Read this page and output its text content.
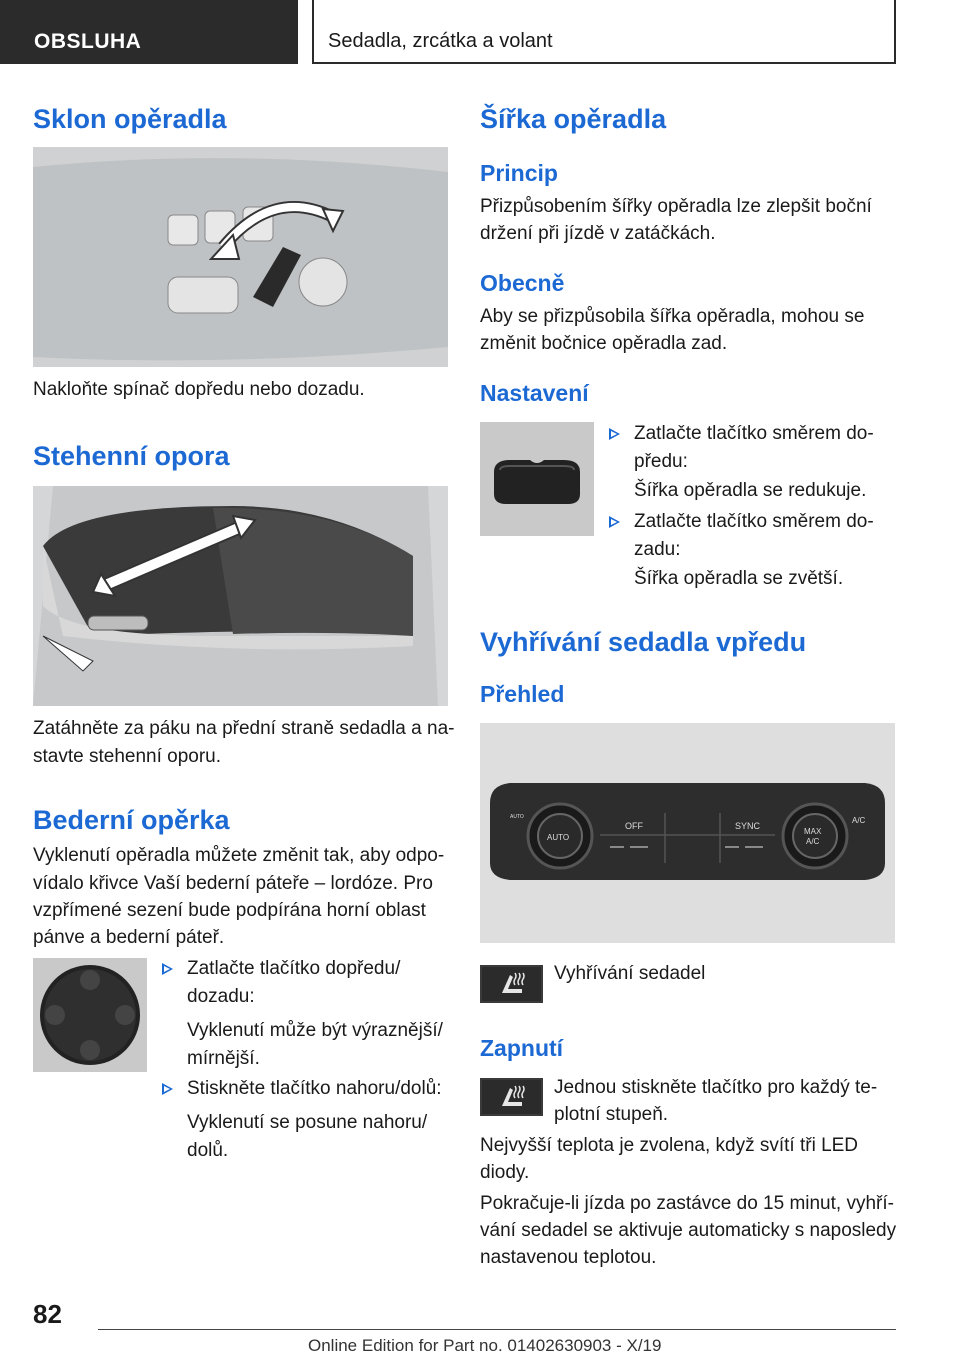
OBSLUHA	Sedadla, zrcátka a volant
Sklon opěradla
Nakloňte spínač dopředu nebo dozadu.
Stehenní opora
Zatáhněte za páku na přední straně sedadla a na-
stavte stehenní oporu.
Bederní opěrka
Vyklenutí opěradla můžete změnit tak, aby odpo-
vídalo křivce Vaší bederní páteře – lordóze. Pro
vzpřímené sezení bude podpírána horní oblast
pánve a bederní páteř.
Zatlačte tlačítko dopředu/
dozadu:
Vyklenutí může být výraznější/
mírnější.
Stiskněte tlačítko nahoru/dolů:
Vyklenutí se posune nahoru/
dolů.
Šířka opěradla
Princip
Přizpůsobením šířky opěradla lze zlepšit boční
držení při jízdě v zatáčkách.
Obecně
Aby se přizpůsobila šířka opěradla, mohou se
změnit bočnice opěradla zad.
Nastavení
Zatlačte tlačítko směrem do-
předu:
Šířka opěradla se redukuje.
Zatlačte tlačítko směrem do-
zadu:
Šířka opěradla se zvětší.
Vyhřívání sedadla vpředu
Přehled
OFF	SYNC
AUTO
MAX
A/C
A/C
AUTO
Vyhřívání sedadel
Zapnutí
Jednou stiskněte tlačítko pro každý te-
plotní stupeň.
Nejvyšší teplota je zvolena, když svítí tři LED
diody.
Pokračuje-li jízda po zastávce do 15 minut, vyhří-
vání sedadel se aktivuje automaticky s naposledy
nastavenou teplotou.
82
Online Edition for Part no. 01402630903 - X/19
